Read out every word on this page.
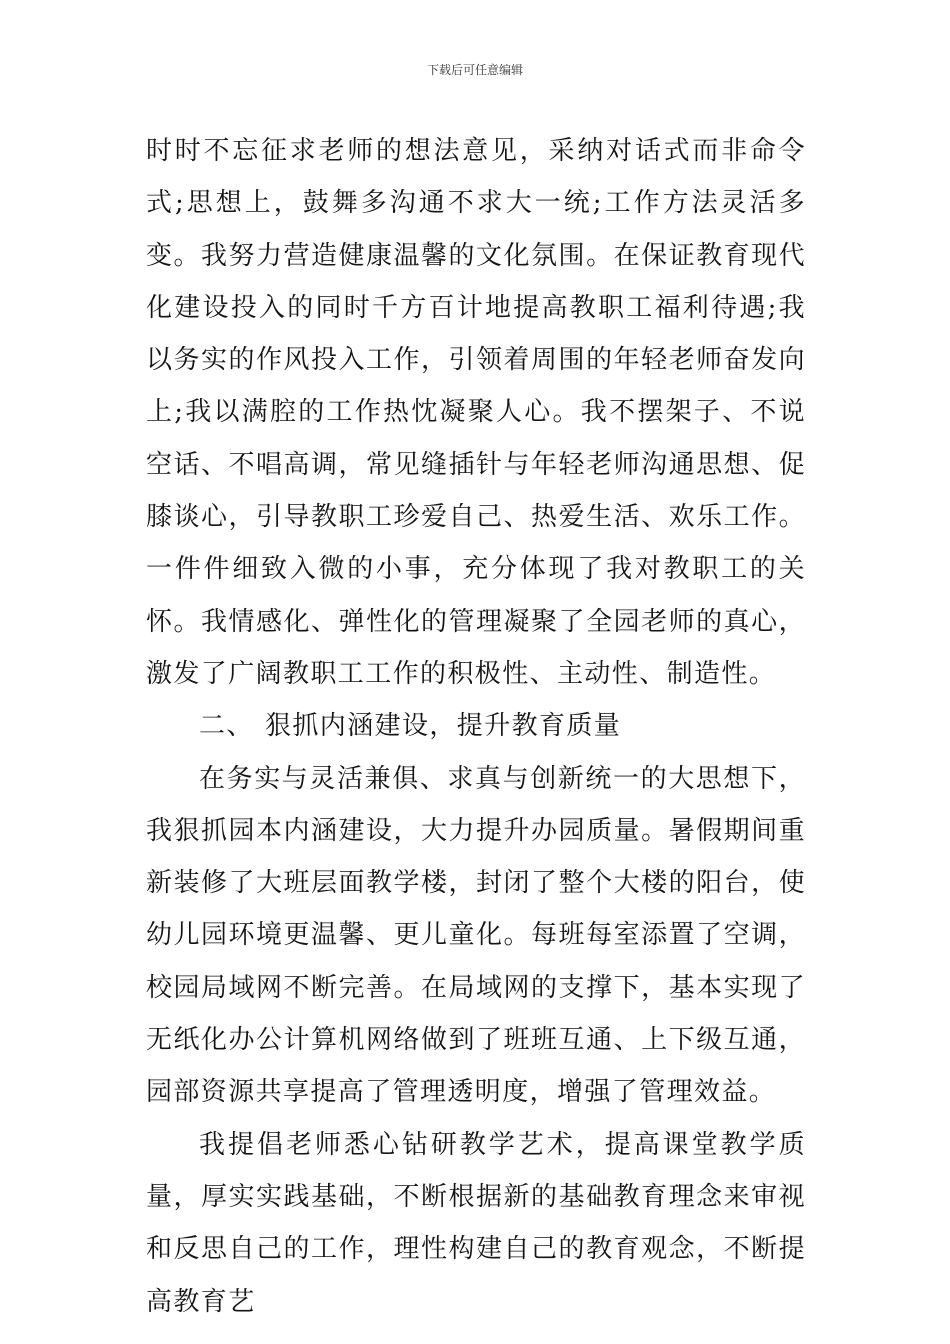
下载后可任意编辑

时时不忘征求老师的想法意见，采纳对话式而非命令式;思想上，鼓舞多沟通不求大一统;工作方法灵活多变。我努力营造健康温馨的文化氛围。在保证教育现代化建设投入的同时千方百计地提高教职工福利待遇;我以务实的作风投入工作，引领着周围的年轻老师奋发向上;我以满腔的工作热忱凝聚人心。我不摆架子、不说空话、不唱高调，常见缝插针与年轻老师沟通思想、促膝谈心，引导教职工珍爱自己、热爱生活、欢乐工作。一件件细致入微的小事，充分体现了我对教职工的关怀。我情感化、弹性化的管理凝聚了全园老师的真心，激发了广阔教职工工作的积极性、主动性、制造性。

二、 狠抓内涵建设，提升教育质量

在务实与灵活兼俱、求真与创新统一的大思想下，我狠抓园本内涵建设，大力提升办园质量。暑假期间重新装修了大班层面教学楼，封闭了整个大楼的阳台，使幼儿园环境更温馨、更儿童化。每班每室添置了空调，校园局域网不断完善。在局域网的支撑下，基本实现了无纸化办公计算机网络做到了班班互通、上下级互通，园部资源共享提高了管理透明度，增强了管理效益。

我提倡老师悉心钻研教学艺术，提高课堂教学质量，厚实实践基础，不断根据新的基础教育理念来审视和反思自己的工作，理性构建自己的教育观念，不断提高教育艺
